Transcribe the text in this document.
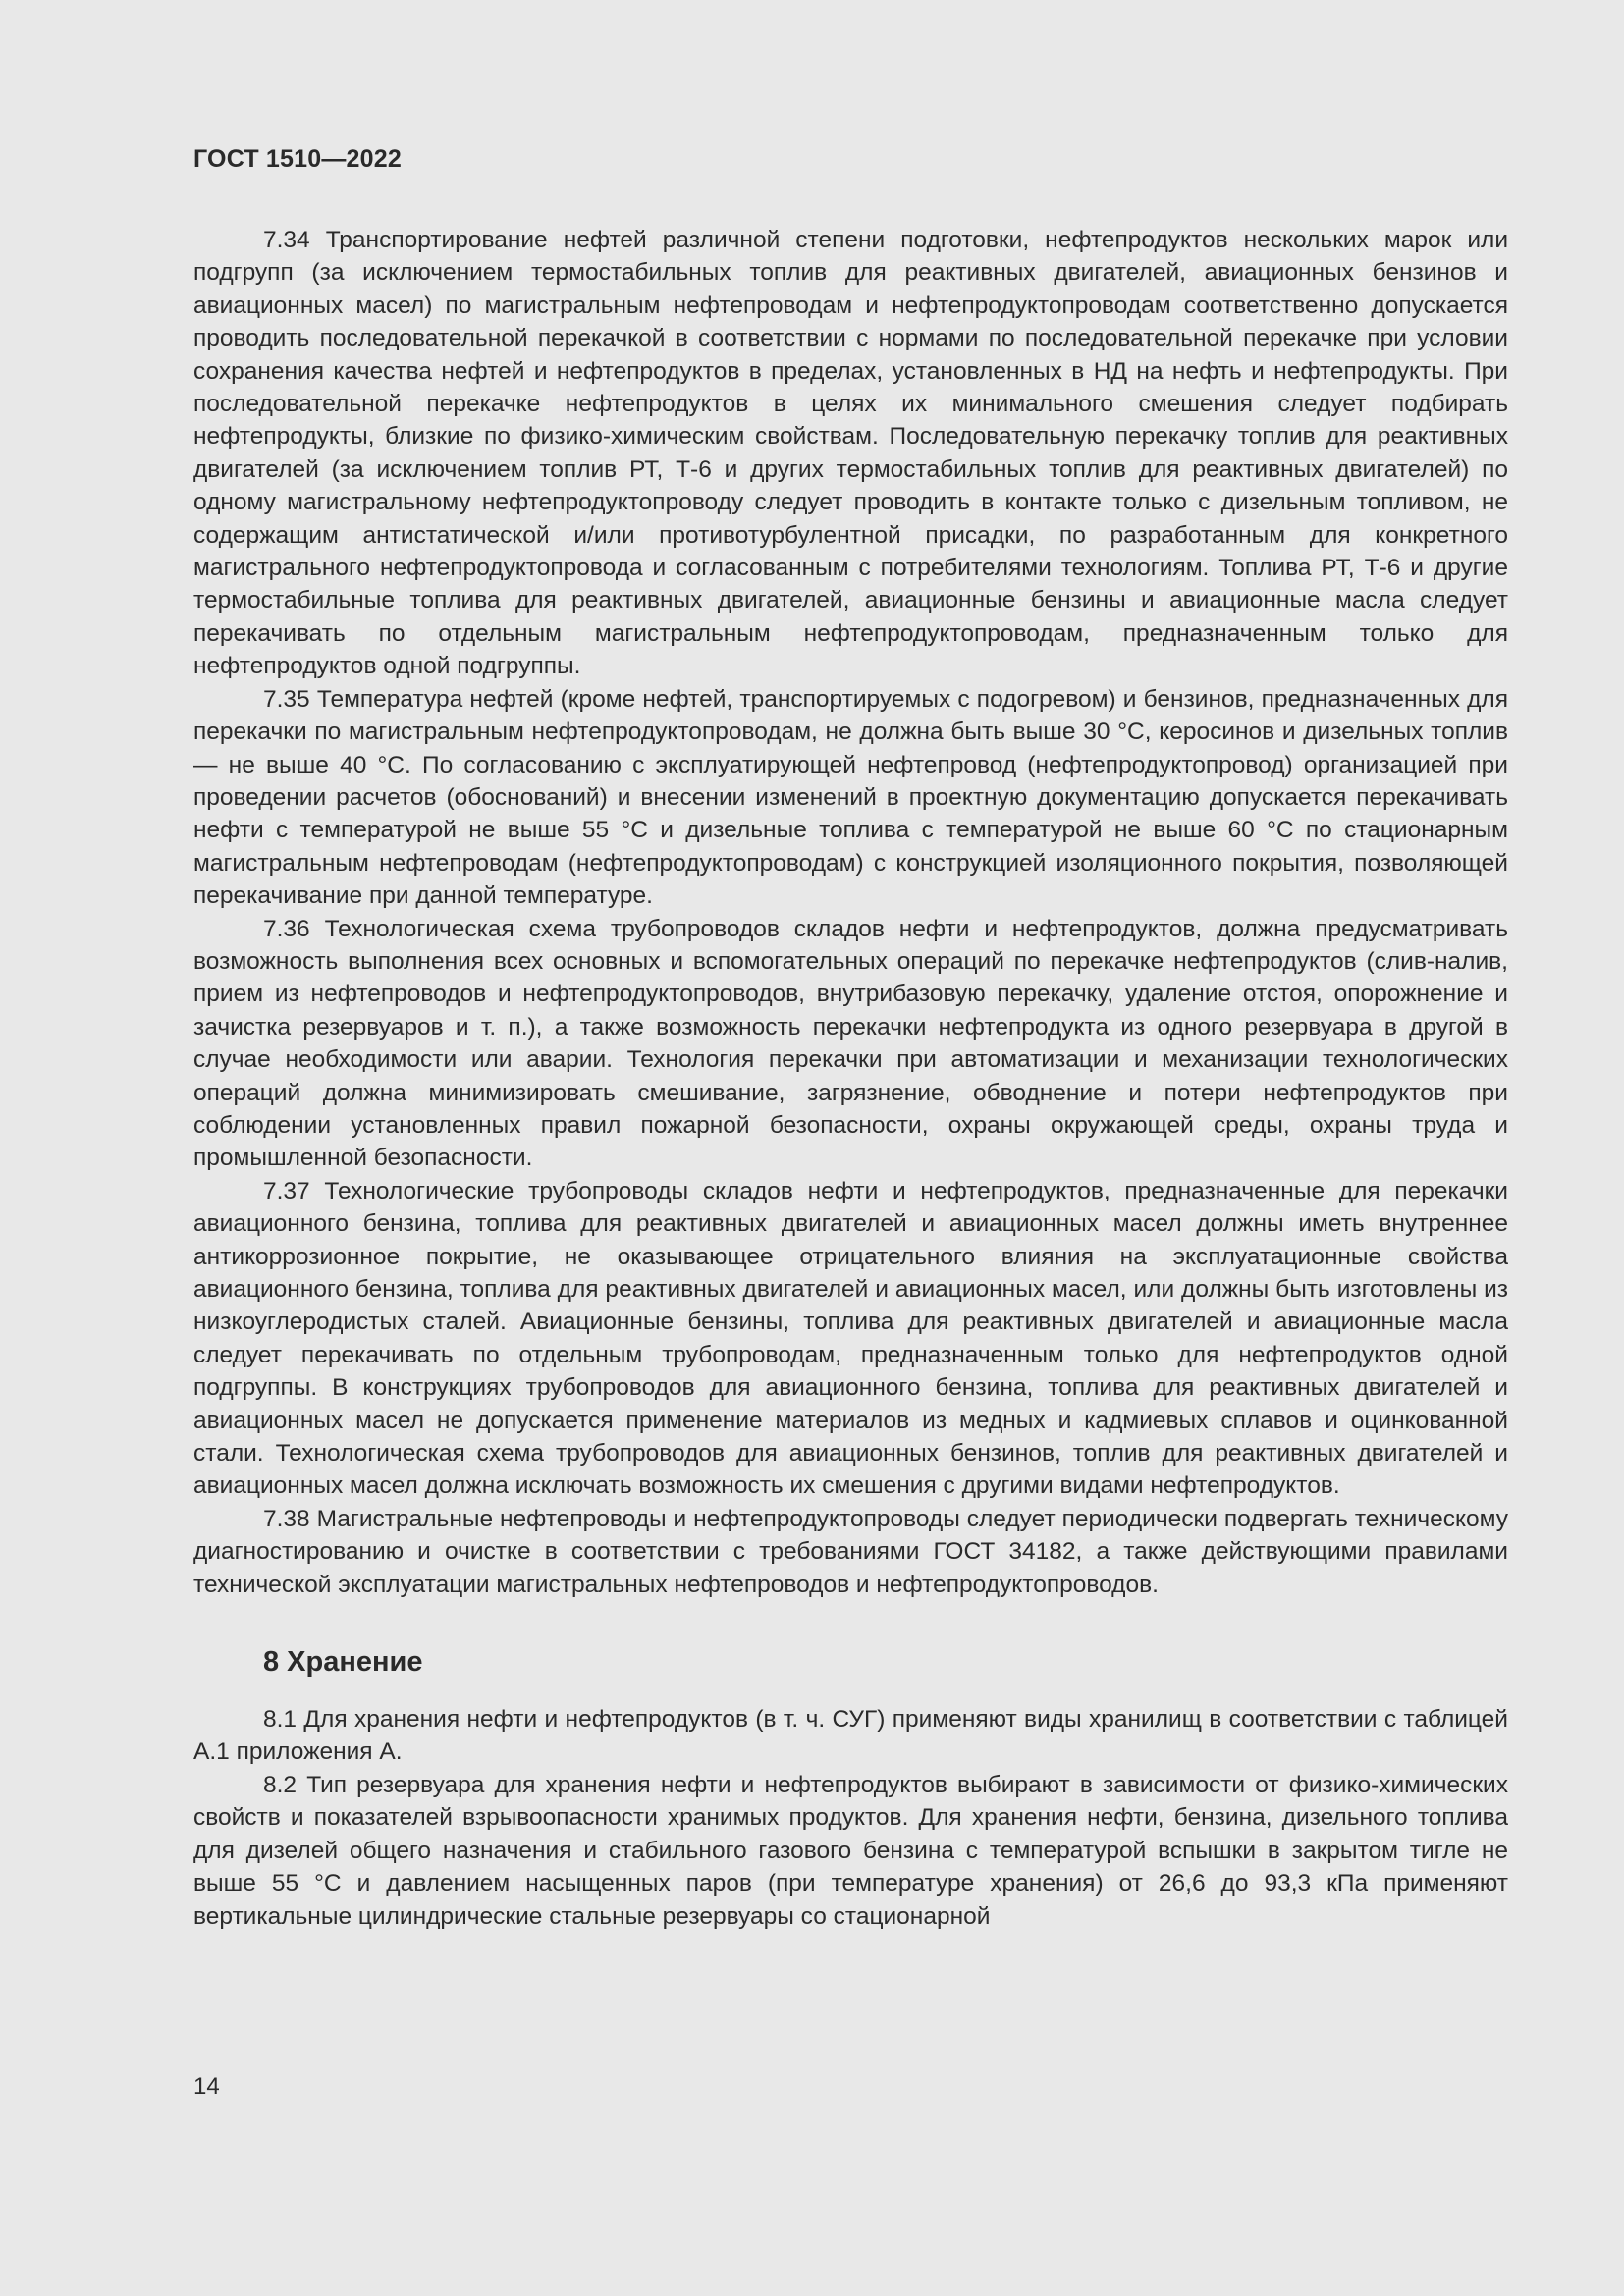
ГОСТ 1510—2022

7.34 Транспортирование нефтей различной степени подготовки, нефтепродуктов нескольких марок или подгрупп (за исключением термостабильных топлив для реактивных двигателей, авиационных бензинов и авиационных масел) по магистральным нефтепроводам и нефтепродуктопроводам соответственно допускается проводить последовательной перекачкой в соответствии с нормами по последовательной перекачке при условии сохранения качества нефтей и нефтепродуктов в пределах, установленных в НД на нефть и нефтепродукты. При последовательной перекачке нефтепродуктов в целях их минимального смешения следует подбирать нефтепродукты, близкие по физико-химическим свойствам. Последовательную перекачку топлив для реактивных двигателей (за исключением топлив РТ, Т-6 и других термостабильных топлив для реактивных двигателей) по одному магистральному нефтепродуктопроводу следует проводить в контакте только с дизельным топливом, не содержащим антистатической и/или противотурбулентной присадки, по разработанным для конкретного магистрального нефтепродуктопровода и согласованным с потребителями технологиям. Топлива РТ, Т-6 и другие термостабильные топлива для реактивных двигателей, авиационные бензины и авиационные масла следует перекачивать по отдельным магистральным нефтепродуктопроводам, предназначенным только для нефтепродуктов одной подгруппы.

7.35 Температура нефтей (кроме нефтей, транспортируемых с подогревом) и бензинов, предназначенных для перекачки по магистральным нефтепродуктопроводам, не должна быть выше 30 °С, керосинов и дизельных топлив — не выше 40 °С. По согласованию с эксплуатирующей нефтепровод (нефтепродуктопровод) организацией при проведении расчетов (обоснований) и внесении изменений в проектную документацию допускается перекачивать нефти с температурой не выше 55 °С и дизельные топлива с температурой не выше 60 °С по стационарным магистральным нефтепроводам (нефтепродуктопроводам) с конструкцией изоляционного покрытия, позволяющей перекачивание при данной температуре.

7.36 Технологическая схема трубопроводов складов нефти и нефтепродуктов, должна предусматривать возможность выполнения всех основных и вспомогательных операций по перекачке нефтепродуктов (слив-налив, прием из нефтепроводов и нефтепродуктопроводов, внутрибазовую перекачку, удаление отстоя, опорожнение и зачистка резервуаров и т. п.), а также возможность перекачки нефтепродукта из одного резервуара в другой в случае необходимости или аварии. Технология перекачки при автоматизации и механизации технологических операций должна минимизировать смешивание, загрязнение, обводнение и потери нефтепродуктов при соблюдении установленных правил пожарной безопасности, охраны окружающей среды, охраны труда и промышленной безопасности.

7.37 Технологические трубопроводы складов нефти и нефтепродуктов, предназначенные для перекачки авиационного бензина, топлива для реактивных двигателей и авиационных масел должны иметь внутреннее антикоррозионное покрытие, не оказывающее отрицательного влияния на эксплуатационные свойства авиационного бензина, топлива для реактивных двигателей и авиационных масел, или должны быть изготовлены из низкоуглеродистых сталей. Авиационные бензины, топлива для реактивных двигателей и авиационные масла следует перекачивать по отдельным трубопроводам, предназначенным только для нефтепродуктов одной подгруппы. В конструкциях трубопроводов для авиационного бензина, топлива для реактивных двигателей и авиационных масел не допускается применение материалов из медных и кадмиевых сплавов и оцинкованной стали. Технологическая схема трубопроводов для авиационных бензинов, топлив для реактивных двигателей и авиационных масел должна исключать возможность их смешения с другими видами нефтепродуктов.

7.38 Магистральные нефтепроводы и нефтепродуктопроводы следует периодически подвергать техническому диагностированию и очистке в соответствии с требованиями ГОСТ 34182, а также действующими правилами технической эксплуатации магистральных нефтепроводов и нефтепродуктопроводов.

8 Хранение

8.1 Для хранения нефти и нефтепродуктов (в т. ч. СУГ) применяют виды хранилищ в соответствии с таблицей А.1 приложения А.

8.2 Тип резервуара для хранения нефти и нефтепродуктов выбирают в зависимости от физико-химических свойств и показателей взрывоопасности хранимых продуктов. Для хранения нефти, бензина, дизельного топлива для дизелей общего назначения и стабильного газового бензина с температурой вспышки в закрытом тигле не выше 55 °С и давлением насыщенных паров (при температуре хранения) от 26,6 до 93,3 кПа применяют вертикальные цилиндрические стальные резервуары со стационарной

14
